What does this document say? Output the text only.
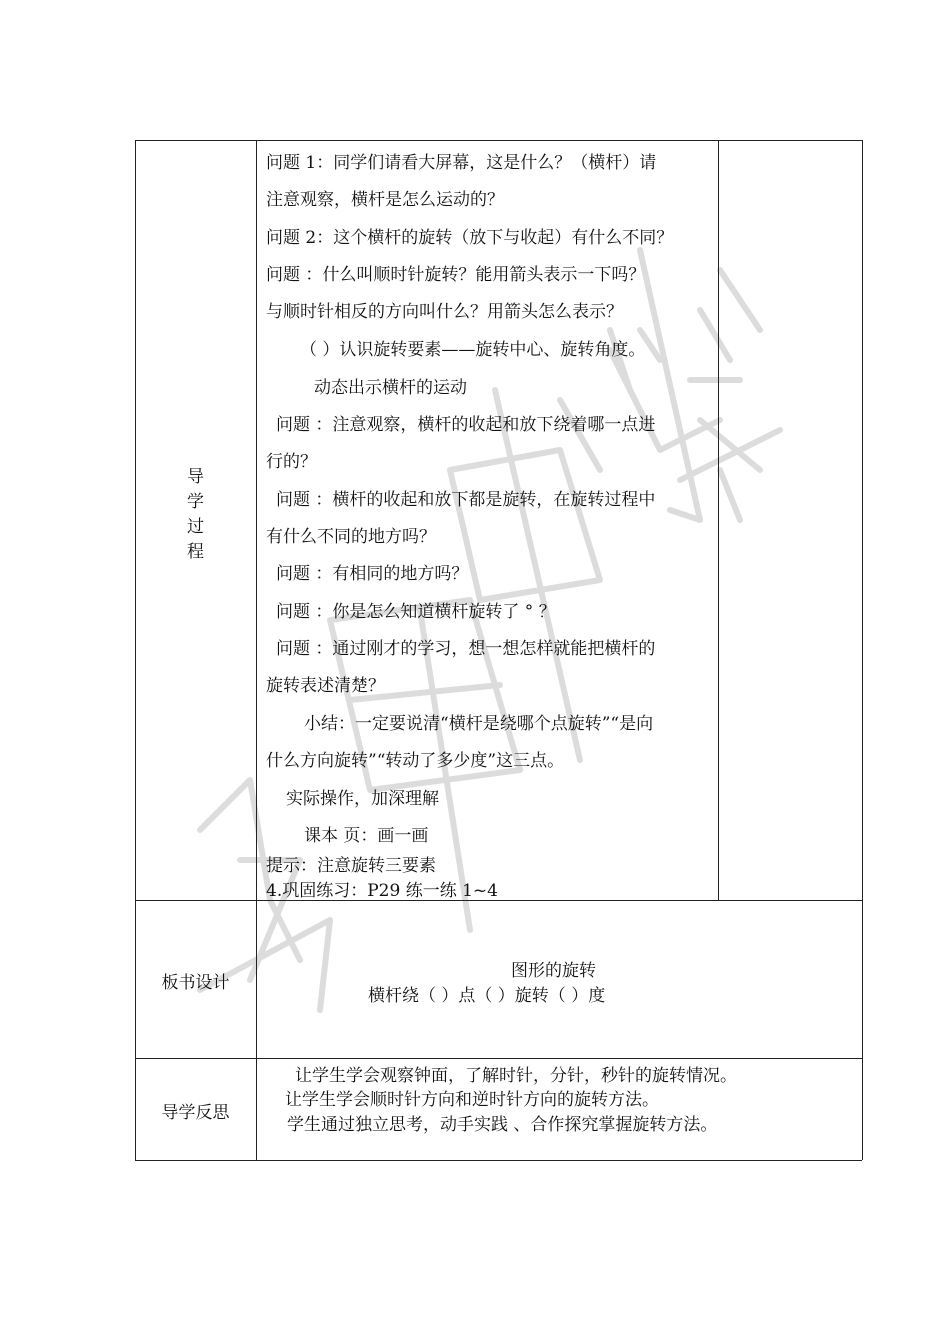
导
学
过
程
问题 1：同学们请看大屏幕，这是什么？（横杆）请
注意观察，横杆是怎么运动的？
问题 2：这个横杆的旋转（放下与收起）有什么不同？
问题 ：什么叫顺时针旋转？能用箭头表示一下吗？
与顺时针相反的方向叫什么？用箭头怎么表示？
（ ）认识旋转要素——旋转中心、旋转角度。
动态出示横杆的运动
问题 ：注意观察，横杆的收起和放下绕着哪一点进
行的？
问题 ：横杆的收起和放下都是旋转，在旋转过程中
有什么不同的地方吗？
问题 ：有相同的地方吗？
问题 ：你是怎么知道横杆旋转了 ° ？
问题 ：通过刚才的学习，想一想怎样就能把横杆的
旋转表述清楚？
小结：一定要说清“横杆是绕哪个点旋转”“是向
什么方向旋转”“转动了多少度”这三点。
实际操作，加深理解
课本 页：画一画
提示：注意旋转三要素
4.巩固练习：P29 练一练 1~4
板书设计
图形的旋转
横杆绕（ ）点（ ）旋转（ ）度
导学反思
让学生学会观察钟面，了解时针，分针，秒针的旋转情况。
让学生学会顺时针方向和逆时针方向的旋转方法。
学生通过独立思考，动手实践 、合作探究掌握旋转方法。
